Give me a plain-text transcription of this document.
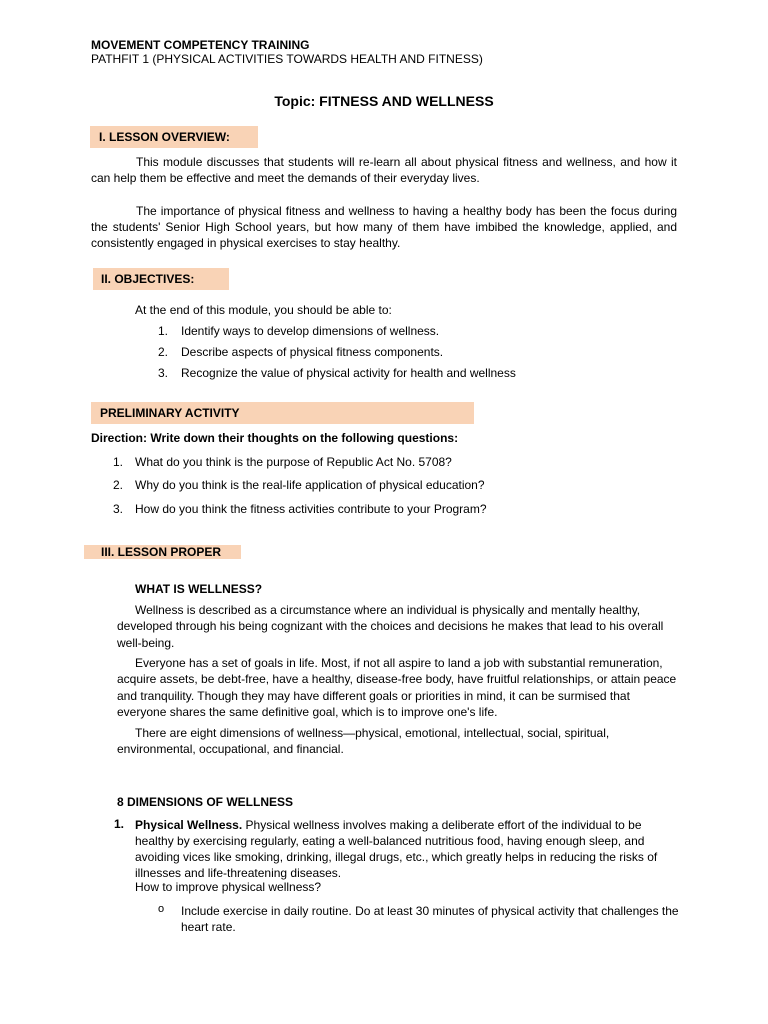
MOVEMENT COMPETENCY TRAINING
PATHFIT 1 (PHYSICAL ACTIVITIES TOWARDS HEALTH AND FITNESS)
Topic: FITNESS AND WELLNESS
I. LESSON OVERVIEW:
This module discusses that students will re-learn all about physical fitness and wellness, and how it can help them be effective and meet the demands of their everyday lives.
The importance of physical fitness and wellness to having a healthy body has been the focus during the students' Senior High School years, but how many of them have imbibed the knowledge, applied, and consistently engaged in physical exercises to stay healthy.
II. OBJECTIVES:
At the end of this module, you should be able to:
1. Identify ways to develop dimensions of wellness.
2. Describe aspects of physical fitness components.
3. Recognize the value of physical activity for health and wellness
PRELIMINARY ACTIVITY
Direction: Write down their thoughts on the following questions:
1. What do you think is the purpose of Republic Act No. 5708?
2. Why do you think is the real-life application of physical education?
3. How do you think the fitness activities contribute to your Program?
III. LESSON PROPER
WHAT IS WELLNESS?
Wellness is described as a circumstance where an individual is physically and mentally healthy, developed through his being cognizant with the choices and decisions he makes that lead to his overall well-being.
Everyone has a set of goals in life. Most, if not all aspire to land a job with substantial remuneration, acquire assets, be debt-free, have a healthy, disease-free body, have fruitful relationships, or attain peace and tranquility. Though they may have different goals or priorities in mind, it can be surmised that everyone shares the same definitive goal, which is to improve one's life.
There are eight dimensions of wellness—physical, emotional, intellectual, social, spiritual, environmental, occupational, and financial.
8 DIMENSIONS OF WELLNESS
1. Physical Wellness. Physical wellness involves making a deliberate effort of the individual to be healthy by exercising regularly, eating a well-balanced nutritious food, having enough sleep, and avoiding vices like smoking, drinking, illegal drugs, etc., which greatly helps in reducing the risks of illnesses and life-threatening diseases.
How to improve physical wellness?
o Include exercise in daily routine. Do at least 30 minutes of physical activity that challenges the heart rate.
